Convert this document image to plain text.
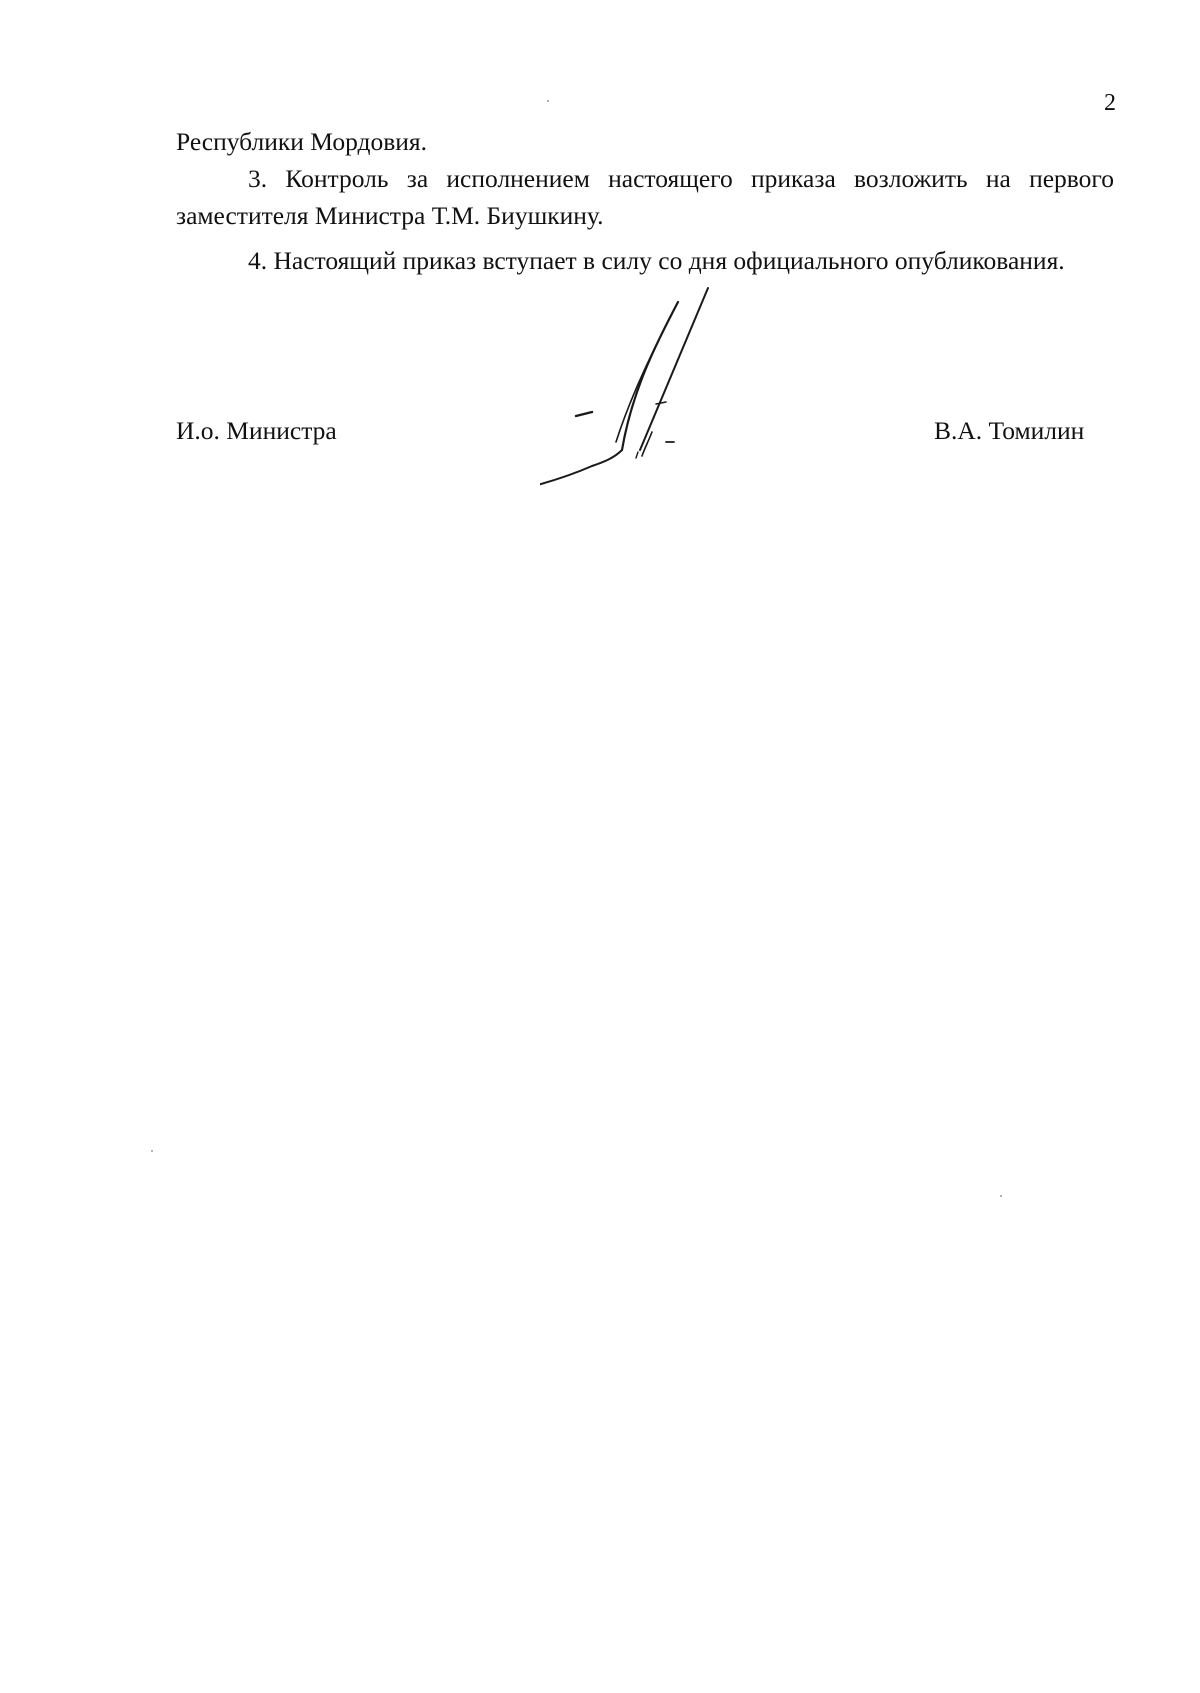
2

Республики Мордовия.

3. Контроль за исполнением настоящего приказа возложить на первого заместителя Министра Т.М. Биушкину.

4. Настоящий приказ вступает в силу со дня официального опубликования.

И.о. Министра	В.А. Томилин
